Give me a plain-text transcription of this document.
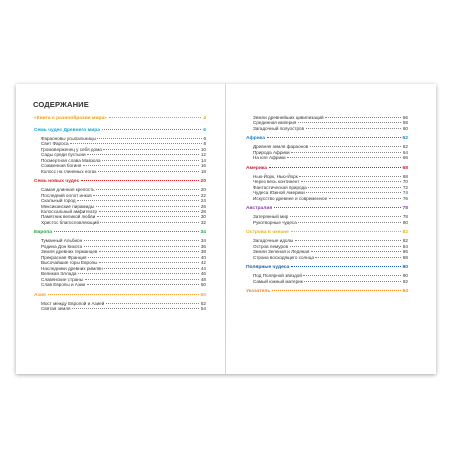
СОДЕРЖАНИЕ
«Книга о разнообразии мира»	4
Семь чудес Древнего мира	6
Фараоновы усыпальницы	6
Свет Фароса	8
Громоверженец у себя дома	10
Сады среди пустыни	12
Посмертная слава Мавзола	14
Сожженная богиня	16
Колосс на глиняных ногах	18
Семь новых чудес	20
Самая длинная крепость	20
Последний оплот инков	22
Скальный город	24
Мексиканские пирамиды	26
Колоссальный амфитеатр	28
Памятник великой любви	30
Христос благословляющий	32
Европа	34
Туманный Альбион	34
Родина Дон Кихота	36
Земля древних германцев	38
Прекрасная Франция	40
Высочайшие горы Европы	42
Наследники древних римлян	44
Великая Эллада	46
Славянские страны	48
Слав Европы и Азии	50
Азия	50
Мост между Европой и Азией	52
Святая земля	54
Земли древнейших цивилизаций	56
Срединная империя	58
Загадочный полуостров	60
Африка	62
Древняя земля фараонов	62
Природа Африки	64
На юге Африки	66
Америка	68
Нью-Йорк, Нью-Йорк	68
Через весь континент	70
Фантастическая природа	72
Чудеса Южной Америки	74
Искусство древнее и современное	76
Австралия	78
Затерянный мир	78
Рукотворные чудеса	80
Острова в океане	82
Загадочные идолы	82
Остров лемуров	84
Земли Зеленая и Ледяная	86
Страна восходящего солнца	88
Полярные чудеса	90
Под Полярной звездой	90
Самый южный материк	92
Указатель	94
